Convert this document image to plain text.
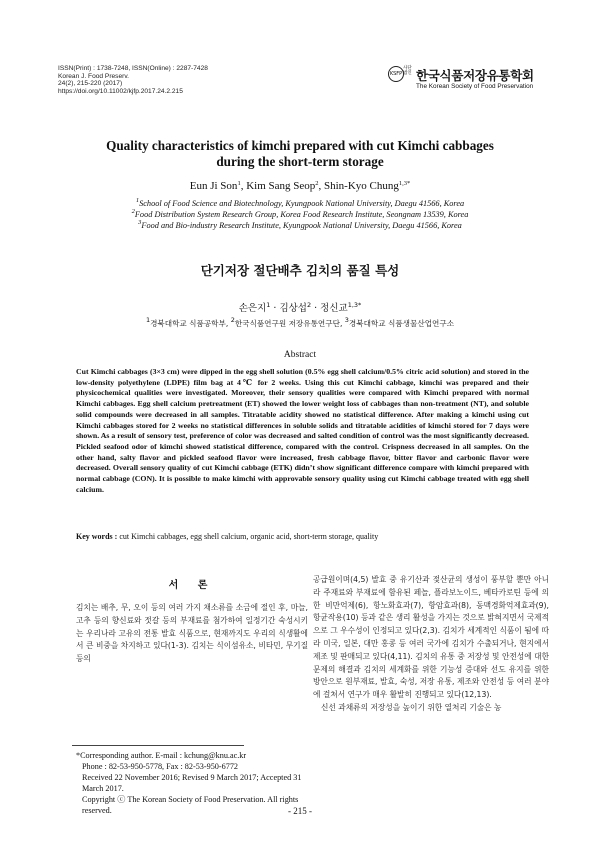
ISSN(Print) : 1738-7248, ISSN(Online) : 2287-7428
Korean J. Food Preserv.
24(2), 215-220 (2017)
https://doi.org/10.11002/kjfp.2017.24.2.215
KSFP
사단
법인 한국식품저장유통학회
The Korean Society of Food Preservation
Quality characteristics of kimchi prepared with cut Kimchi cabbages
during the short-term storage
Eun Ji Son$^1$, Kim Sang Seop$^2$, Shin-Kyo Chung$^{1,3*}$
$^1$School of Food Science and Biotechnology, Kyungpook National University, Daegu 41566, Korea
$^2$Food Distribution System Research Group, Korea Food Research Institute, Seongnam 13539, Korea
$^3$Food and Bio-industry Research Institute, Kyungpook National University, Daegu 41566, Korea
단기저장 절단배추 김치의 품질 특성
손은지$^1$ · 김상섭$^2$ · 정신교$^{1,3*}$
$^1$경북대학교 식품공학부, $^2$한국식품연구원 저장유통연구단, $^3$경북대학교 식품생물산업연구소
Abstract
Cut Kimchi cabbages (3×3 cm) were dipped in the egg shell solution (0.5% egg shell calcium/0.5% citric acid solution) and stored in the low-density polyethylene (LDPE) film bag at 4℃ for 2 weeks. Using this cut Kimchi cabbage, kimchi was prepared and their physicochemical qualities were investigated. Moreover, their sensory qualities were compared with Kimchi prepared with normal Kimchi cabbages. Egg shell calcium pretreatment (ET) showed the lower weight loss of cabbages than non-treatment (NT), and soluble solid compounds were decreased in all samples. Titratable acidity showed no statistical difference. After making a kimchi using cut Kimchi cabbages stored for 2 weeks no statistical differences in soluble solids and titratable acidities of kimchi stored for 7 days were shown. As a result of sensory test, preference of color was decreased and salted condition of control was the most significantly decreased. Pickled seafood odor of kimchi showed statistical difference, compared with the control. Crispness decreased in all samples. On the other hand, salty flavor and pickled seafood flavor were increased, fresh cabbage flavor, bitter flavor and carbonic flavor were decreased. Overall sensory quality of cut Kimchi cabbage (ETK) didn’t show significant difference compare with kimchi prepared with normal cabbage (CON). It is possible to make kimchi with approvable sensory quality using cut Kimchi cabbage treated with egg shell calcium.
Key words : cut Kimchi cabbages, egg shell calcium, organic acid, short-term storage, quality
서 론
김치는 배추, 무, 오이 등의 여러 가지 채소류를 소금에 절인 후, 마늘, 고추 등의 향신료와 젓갈 등의 부재료를 첨가하여 일정기간 숙성시키는 우리나라 고유의 전통 발효 식품으로, 현재까지도 우리의 식생활에서 큰 비중을 차지하고 있다(1-3). 김치는 식이섬유소, 비타민, 무기질 등의
공급원이며(4,5) 발효 중 유기산과 젖산균의 생성이 풍부할 뿐만 아니라 주재료와 부재료에 함유된 페놀, 플라보노이드, 베타카로틴 등에 의한 비만억제(6), 항노화효과(7), 항암효과(8), 동맥경화억제효과(9), 항균작용(10) 등과 같은 생리 활성을 가지는 것으로 밝혀지면서 국제적으로 그 우수성이 인정되고 있다(2,3). 김치가 세계적인 식품이 됨에 따라 미국, 일본, 대만 홍콩 등 여러 국가에 김치가 수출되거나, 현지에서 제조 및 판매되고 있다(4,11). 김치의 유통 중 저장성 및 안전성에 대한 문제의 해결과 김치의 세계화를 위한 기능성 증대와 선도 유지를 위한 방안으로 원부재료, 발효, 숙성, 저장 유통, 제조와 안전성 등 여러 분야에 걸쳐서 연구가 매우 활발히 진행되고 있다(12,13).
신선 과채류의 저장성을 높이기 위한 열처리 기술은 농
*Corresponding author. E-mail : kchung@knu.ac.kr
Phone : 82-53-950-5778, Fax : 82-53-950-6772
Received 22 November 2016; Revised 9 March 2017; Accepted 31 March 2017.
Copyright ⓒ The Korean Society of Food Preservation. All rights reserved.	- 215 -
